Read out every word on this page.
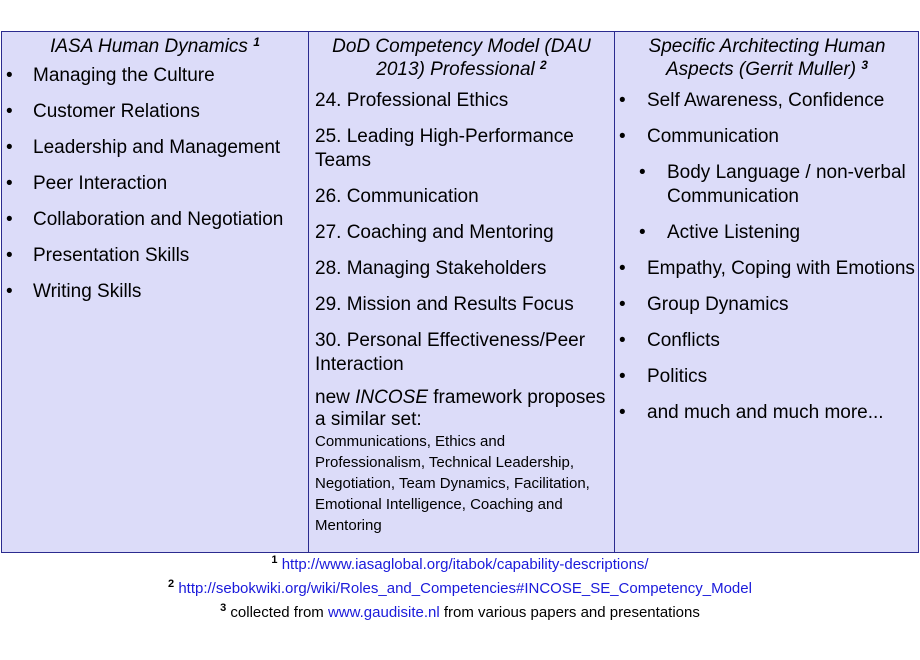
IASA Human Dynamics $^1$
• Managing the Culture
• Customer Relations
• Leadership and Management
• Peer Interaction
• Collaboration and Negotiation
• Presentation Skills
• Writing Skills
DoD Competency Model (DAU 2013) Professional $^2$
24. Professional Ethics
25. Leading High-Performance Teams
26. Communication
27. Coaching and Mentoring
28. Managing Stakeholders
29. Mission and Results Focus
30. Personal Effectiveness/Peer Interaction
new INCOSE framework proposes a similar set:
Communications, Ethics and Professionalism, Technical Leadership, Negotiation, Team Dynamics, Facilitation, Emotional Intelligence, Coaching and Mentoring
Specific Architecting Human Aspects (Gerrit Muller) $^3$
• Self Awareness, Confidence
• Communication
• Body Language / non-verbal Communication
• Active Listening
• Empathy, Coping with Emotions
• Group Dynamics
• Conflicts
• Politics
• and much and much more...
$^1$ http://www.iasaglobal.org/itabok/capability-descriptions/
$^2$ http://sebokwiki.org/wiki/Roles_and_Competencies#INCOSE_SE_Competency_Model
$^3$ collected from www.gaudisite.nl from various papers and presentations
